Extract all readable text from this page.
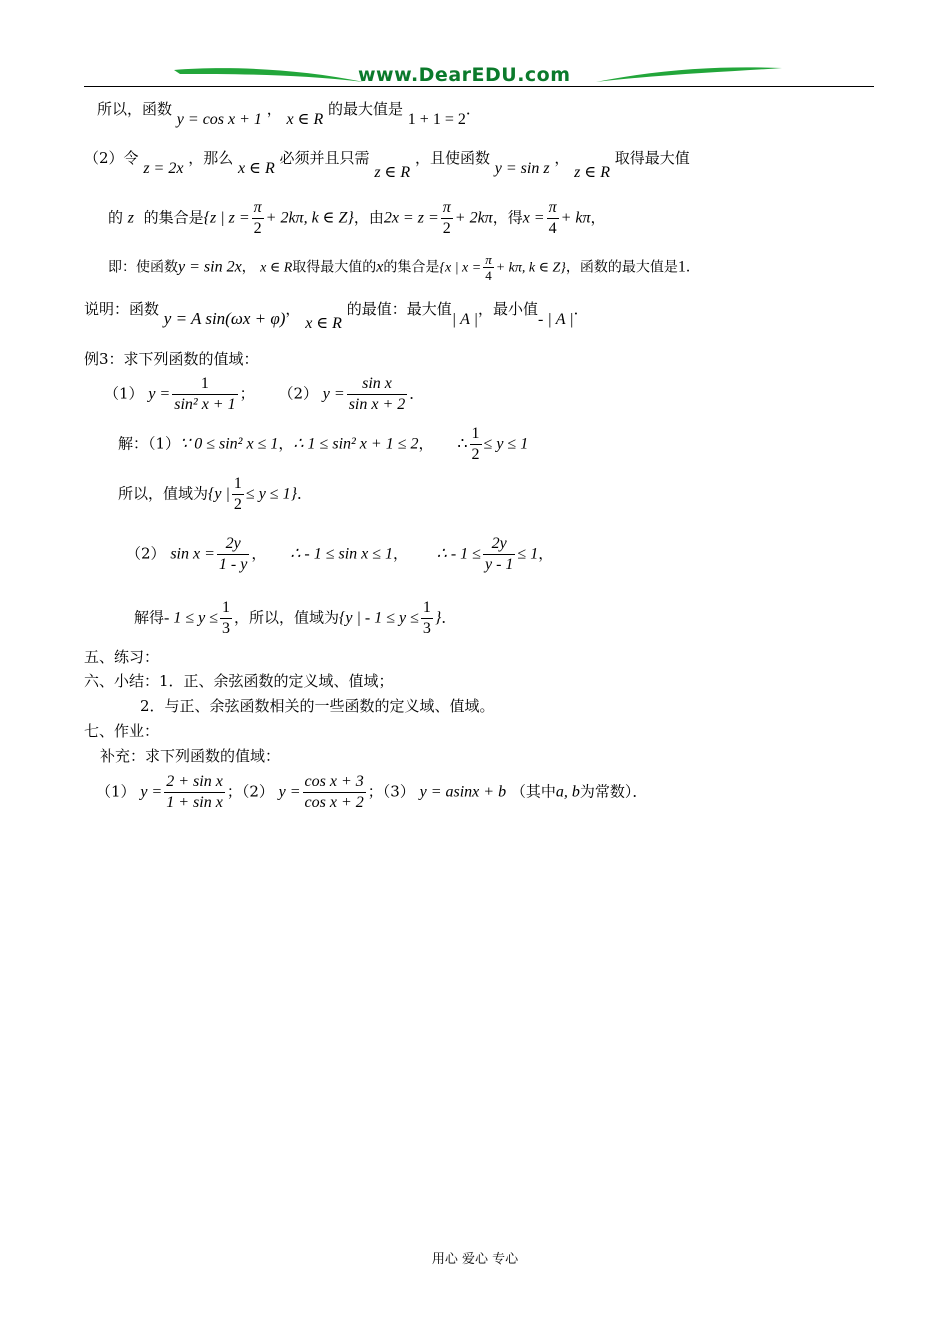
www.DearEDU.com
所以，函数 y = cos x + 1 ， x ∈ R 的最大值是 1 + 1 = 2．
（2）令 z = 2x ，那么 x ∈ R 必须并且只需 z ∈ R ，且使函数 y = sin z ， z ∈ R 取得最大值
的 z 的集合是{z | $z = \frac{\pi}{2} + 2k\pi$, k ∈ Z}，由$2x = z = \frac{\pi}{2} + 2k\pi$，得$x = \frac{\pi}{4} + k\pi$，
即：使函数y = sin 2x， x ∈ R取得最大值的x的集合是{x | $x = \frac{\pi}{4} + k\pi$, k ∈ Z}，函数的最大值是1．
说明：函数 y = A sin(ωx + φ)， x ∈ R 的最值：最大值| A |，最小值- | A |．
例3：求下列函数的值域：
（1） $y = \frac{1}{\text{sin² x + 1}}$ ； （2） $y = \frac{\text{sin x}}{\text{sin x + 2}}$ ．
解：（1）∵ 0 ≤ sin² x ≤ 1，∴ 1 ≤ sin² x + 1 ≤ 2， ∴ $\frac{1}{2} \le y \le 1$
所以，值域为{y | $\frac{1}{2} \le y \le 1$}．
（2） $\sin x = \frac{2y}{1 - y}$ ， ∴ - 1 ≤ sin x ≤ 1， ∴ - $1 \le \frac{2y}{y - 1} \le 1$，
解得- $1 \le y \le \frac{1}{3}$ ，所以，值域为{y | - $1 \le y \le \frac{1}{3}$ }．
五、练习：
六、小结：1．正、余弦函数的定义域、值域；
2．与正、余弦函数相关的一些函数的定义域、值域。
七、作业：
补充：求下列函数的值域：
（1） $y = \frac{\text{2 + sin x}}{\text{1 + sin x}}$ ；（2） $y = \frac{\text{cos x + 3}}{\text{cos x + 2}}$ ；（3） y = asinx + b （其中a, b为常数）．
用心 爱心 专心
